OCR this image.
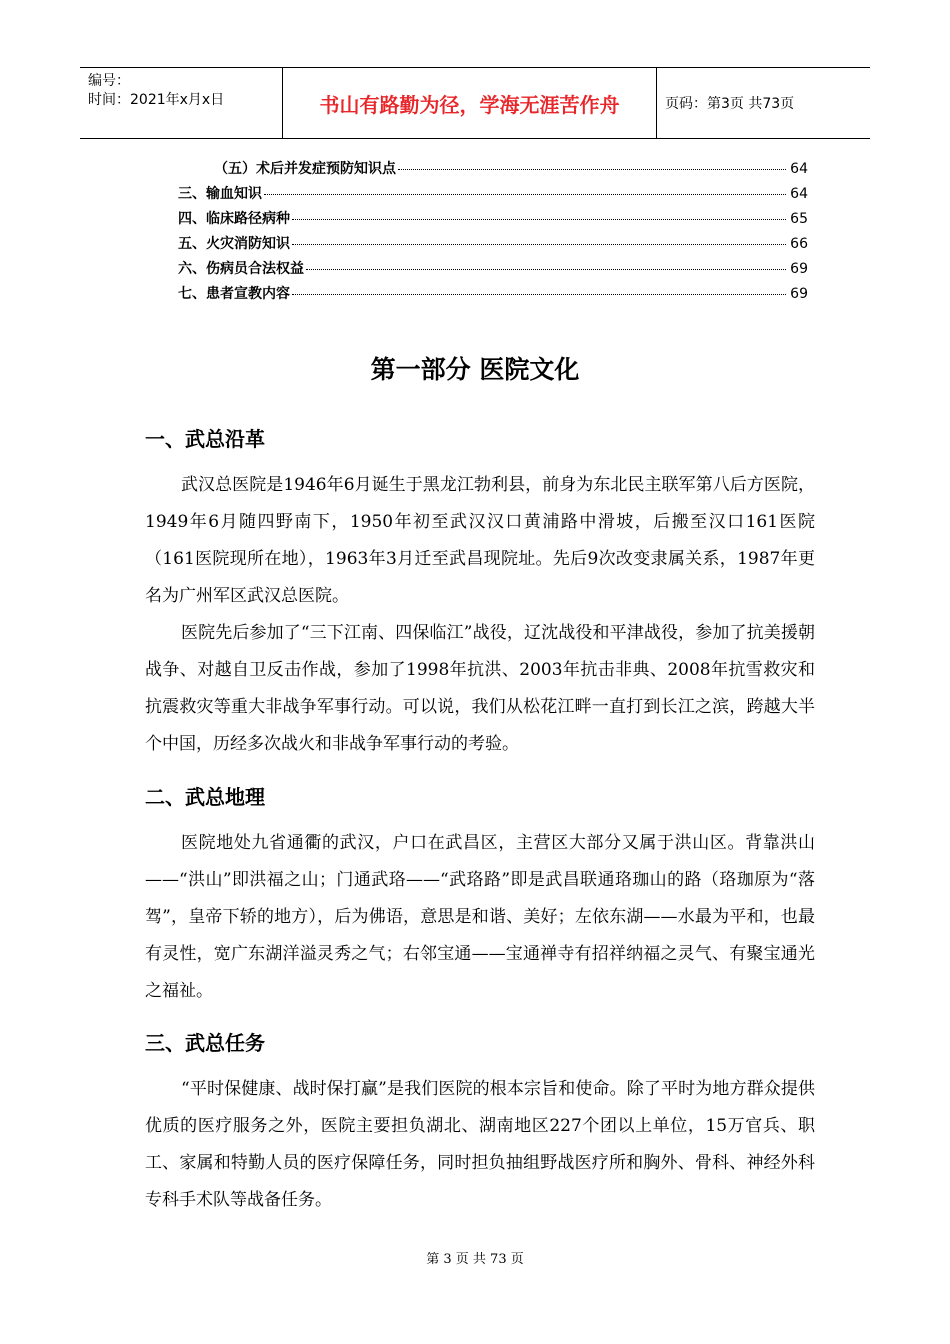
编号：
时间：2021年x月x日	书山有路勤为径，学海无涯苦作舟	页码：第3页 共73页
（五）术后并发症预防知识点	64
三、输血知识	64
四、临床路径病种	65
五、火灾消防知识	66
六、伤病员合法权益	69
七、患者宣教内容	69
第一部分 医院文化
一、武总沿革
武汉总医院是1946年6月诞生于黑龙江勃利县，前身为东北民主联军第八后方医院，1949年6月随四野南下，1950年初至武汉汉口黄浦路中滑坡，后搬至汉口161医院（161医院现所在地），1963年3月迁至武昌现院址。先后9次改变隶属关系，1987年更名为广州军区武汉总医院。
医院先后参加了“三下江南、四保临江”战役，辽沈战役和平津战役，参加了抗美援朝战争、对越自卫反击作战，参加了1998年抗洪、2003年抗击非典、2008年抗雪救灾和抗震救灾等重大非战争军事行动。可以说，我们从松花江畔一直打到长江之滨，跨越大半个中国，历经多次战火和非战争军事行动的考验。
二、武总地理
医院地处九省通衢的武汉，户口在武昌区，主营区大部分又属于洪山区。背靠洪山——“洪山”即洪福之山；门通武珞——“武珞路”即是武昌联通珞珈山的路（珞珈原为“落驾”，皇帝下轿的地方），后为佛语，意思是和谐、美好；左依东湖——水最为平和，也最有灵性，宽广东湖洋溢灵秀之气；右邻宝通——宝通禅寺有招祥纳福之灵气、有聚宝通光之福祉。
三、武总任务
“平时保健康、战时保打赢”是我们医院的根本宗旨和使命。除了平时为地方群众提供优质的医疗服务之外，医院主要担负湖北、湖南地区227个团以上单位，15万官兵、职工、家属和特勤人员的医疗保障任务，同时担负抽组野战医疗所和胸外、骨科、神经外科专科手术队等战备任务。
第 3 页 共 73 页
